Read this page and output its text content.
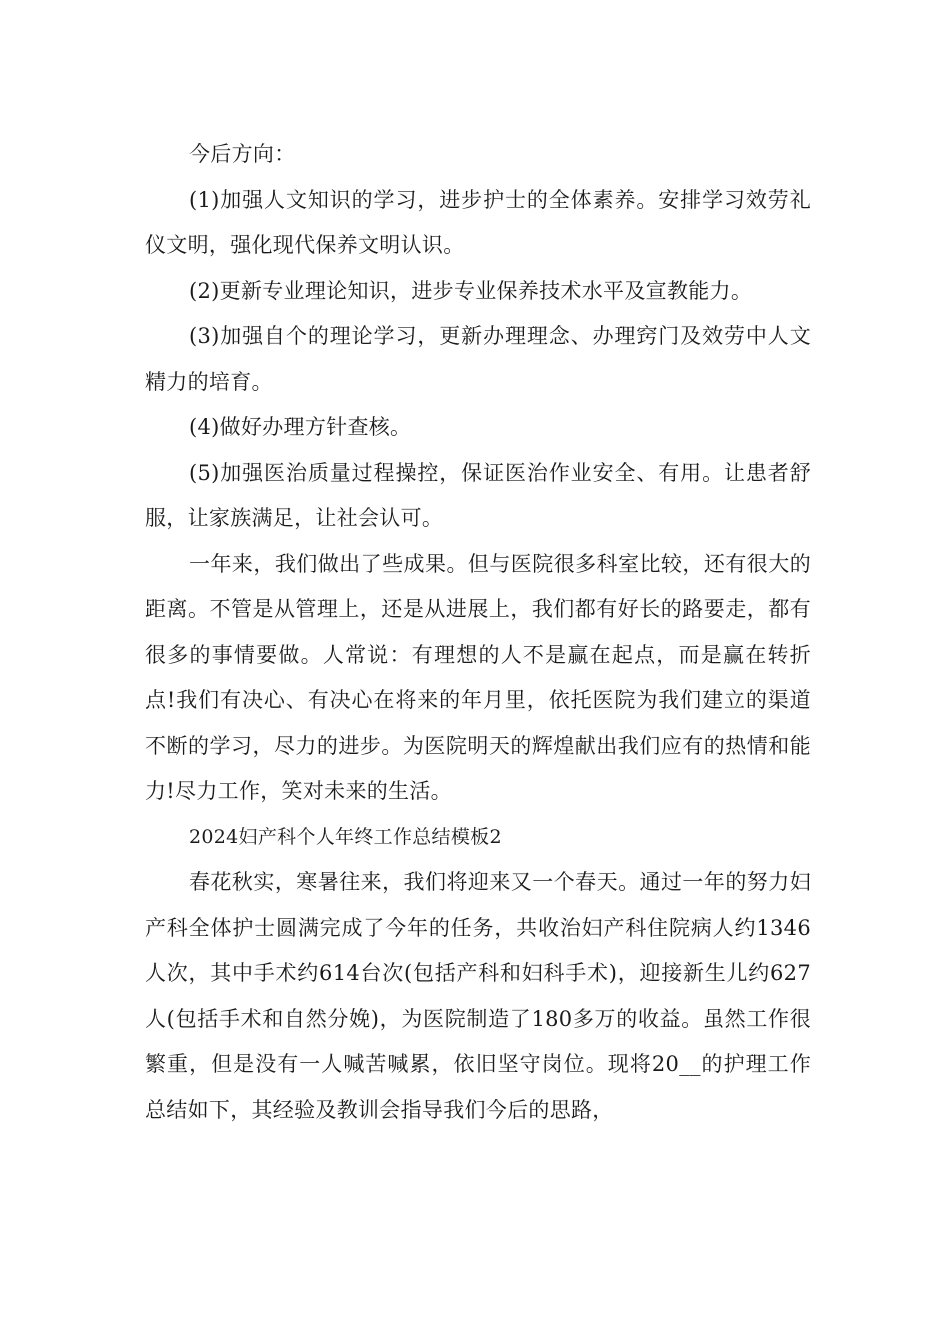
今后方向：

(1)加强人文知识的学习，进步护士的全体素养。安排学习效劳礼仪文明，强化现代保养文明认识。

(2)更新专业理论知识，进步专业保养技术水平及宣教能力。

(3)加强自个的理论学习，更新办理理念、办理窍门及效劳中人文精力的培育。

(4)做好办理方针查核。

(5)加强医治质量过程操控，保证医治作业安全、有用。让患者舒服，让家族满足，让社会认可。

一年来，我们做出了些成果。但与医院很多科室比较，还有很大的距离。不管是从管理上，还是从进展上，我们都有好长的路要走，都有很多的事情要做。人常说：有理想的人不是赢在起点，而是赢在转折点!我们有决心、有决心在将来的年月里，依托医院为我们建立的渠道不断的学习，尽力的进步。为医院明天的辉煌献出我们应有的热情和能力!尽力工作，笑对未来的生活。

2024妇产科个人年终工作总结模板2

春花秋实，寒暑往来，我们将迎来又一个春天。通过一年的努力妇产科全体护士圆满完成了今年的任务，共收治妇产科住院病人约1346人次，其中手术约614台次(包括产科和妇科手术)，迎接新生儿约627人(包括手术和自然分娩)，为医院制造了180多万的收益。虽然工作很繁重，但是没有一人喊苦喊累，依旧坚守岗位。现将20__的护理工作总结如下，其经验及教训会指导我们今后的思路，
